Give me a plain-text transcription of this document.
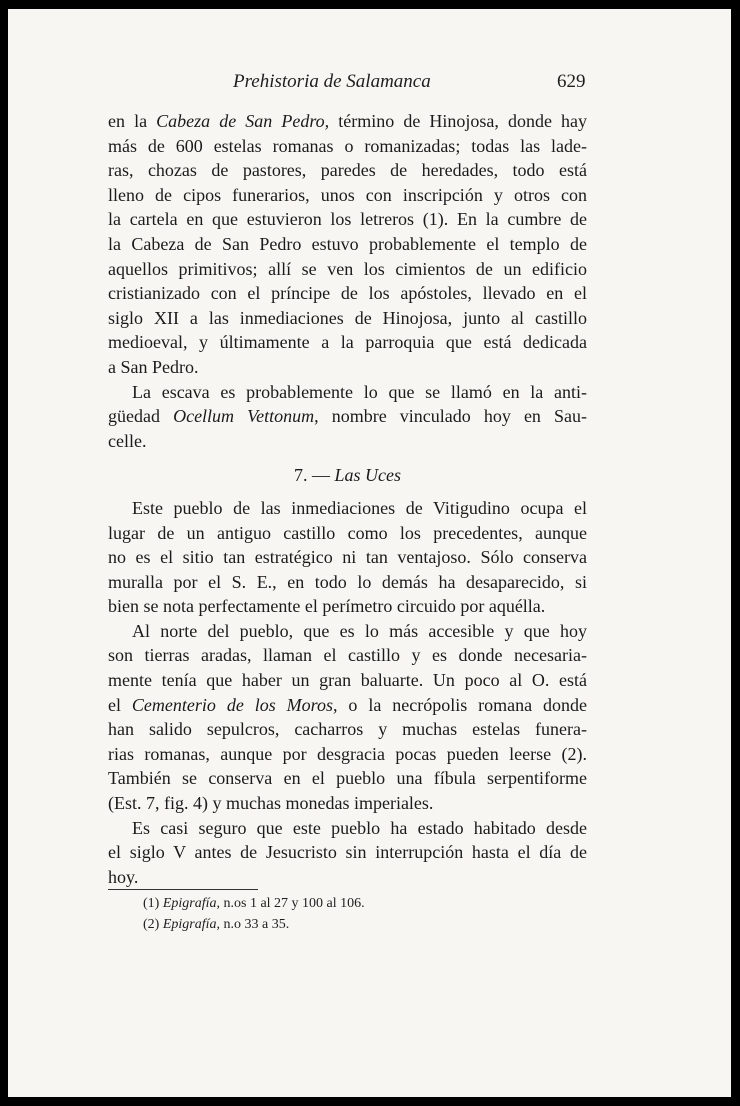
Prehistoria de Salamanca	629

en la Cabeza de San Pedro, término de Hinojosa, donde hay
más de 600 estelas romanas o romanizadas; todas las lade-
ras, chozas de pastores, paredes de heredades, todo está
lleno de cipos funerarios, unos con inscripción y otros con
la cartela en que estuvieron los letreros (1). En la cumbre de
la Cabeza de San Pedro estuvo probablemente el templo de
aquellos primitivos; allí se ven los cimientos de un edificio
cristianizado con el príncipe de los apóstoles, llevado en el
siglo XII a las inmediaciones de Hinojosa, junto al castillo
medioeval, y últimamente a la parroquia que está dedicada
a San Pedro.

La escava es probablemente lo que se llamó en la anti-
güedad Ocellum Vettonum, nombre vinculado hoy en Sau-
celle.

7. — Las Uces

Este pueblo de las inmediaciones de Vitigudino ocupa el
lugar de un antiguo castillo como los precedentes, aunque
no es el sitio tan estratégico ni tan ventajoso. Sólo conserva
muralla por el S. E., en todo lo demás ha desaparecido, si
bien se nota perfectamente el perímetro circuido por aquélla.

Al norte del pueblo, que es lo más accesible y que hoy
son tierras aradas, llaman el castillo y es donde necesaria-
mente tenía que haber un gran baluarte. Un poco al O. está
el Cementerio de los Moros, o la necrópolis romana donde
han salido sepulcros, cacharros y muchas estelas funera-
rias romanas, aunque por desgracia pocas pueden leerse (2).
También se conserva en el pueblo una fíbula serpentiforme
(Est. 7, fig. 4) y muchas monedas imperiales.

Es casi seguro que este pueblo ha estado habitado desde
el siglo V antes de Jesucristo sin interrupción hasta el día de
hoy.

(1) Epigrafía, n.os 1 al 27 y 100 al 106.
(2) Epigrafía, n.o 33 a 35.
